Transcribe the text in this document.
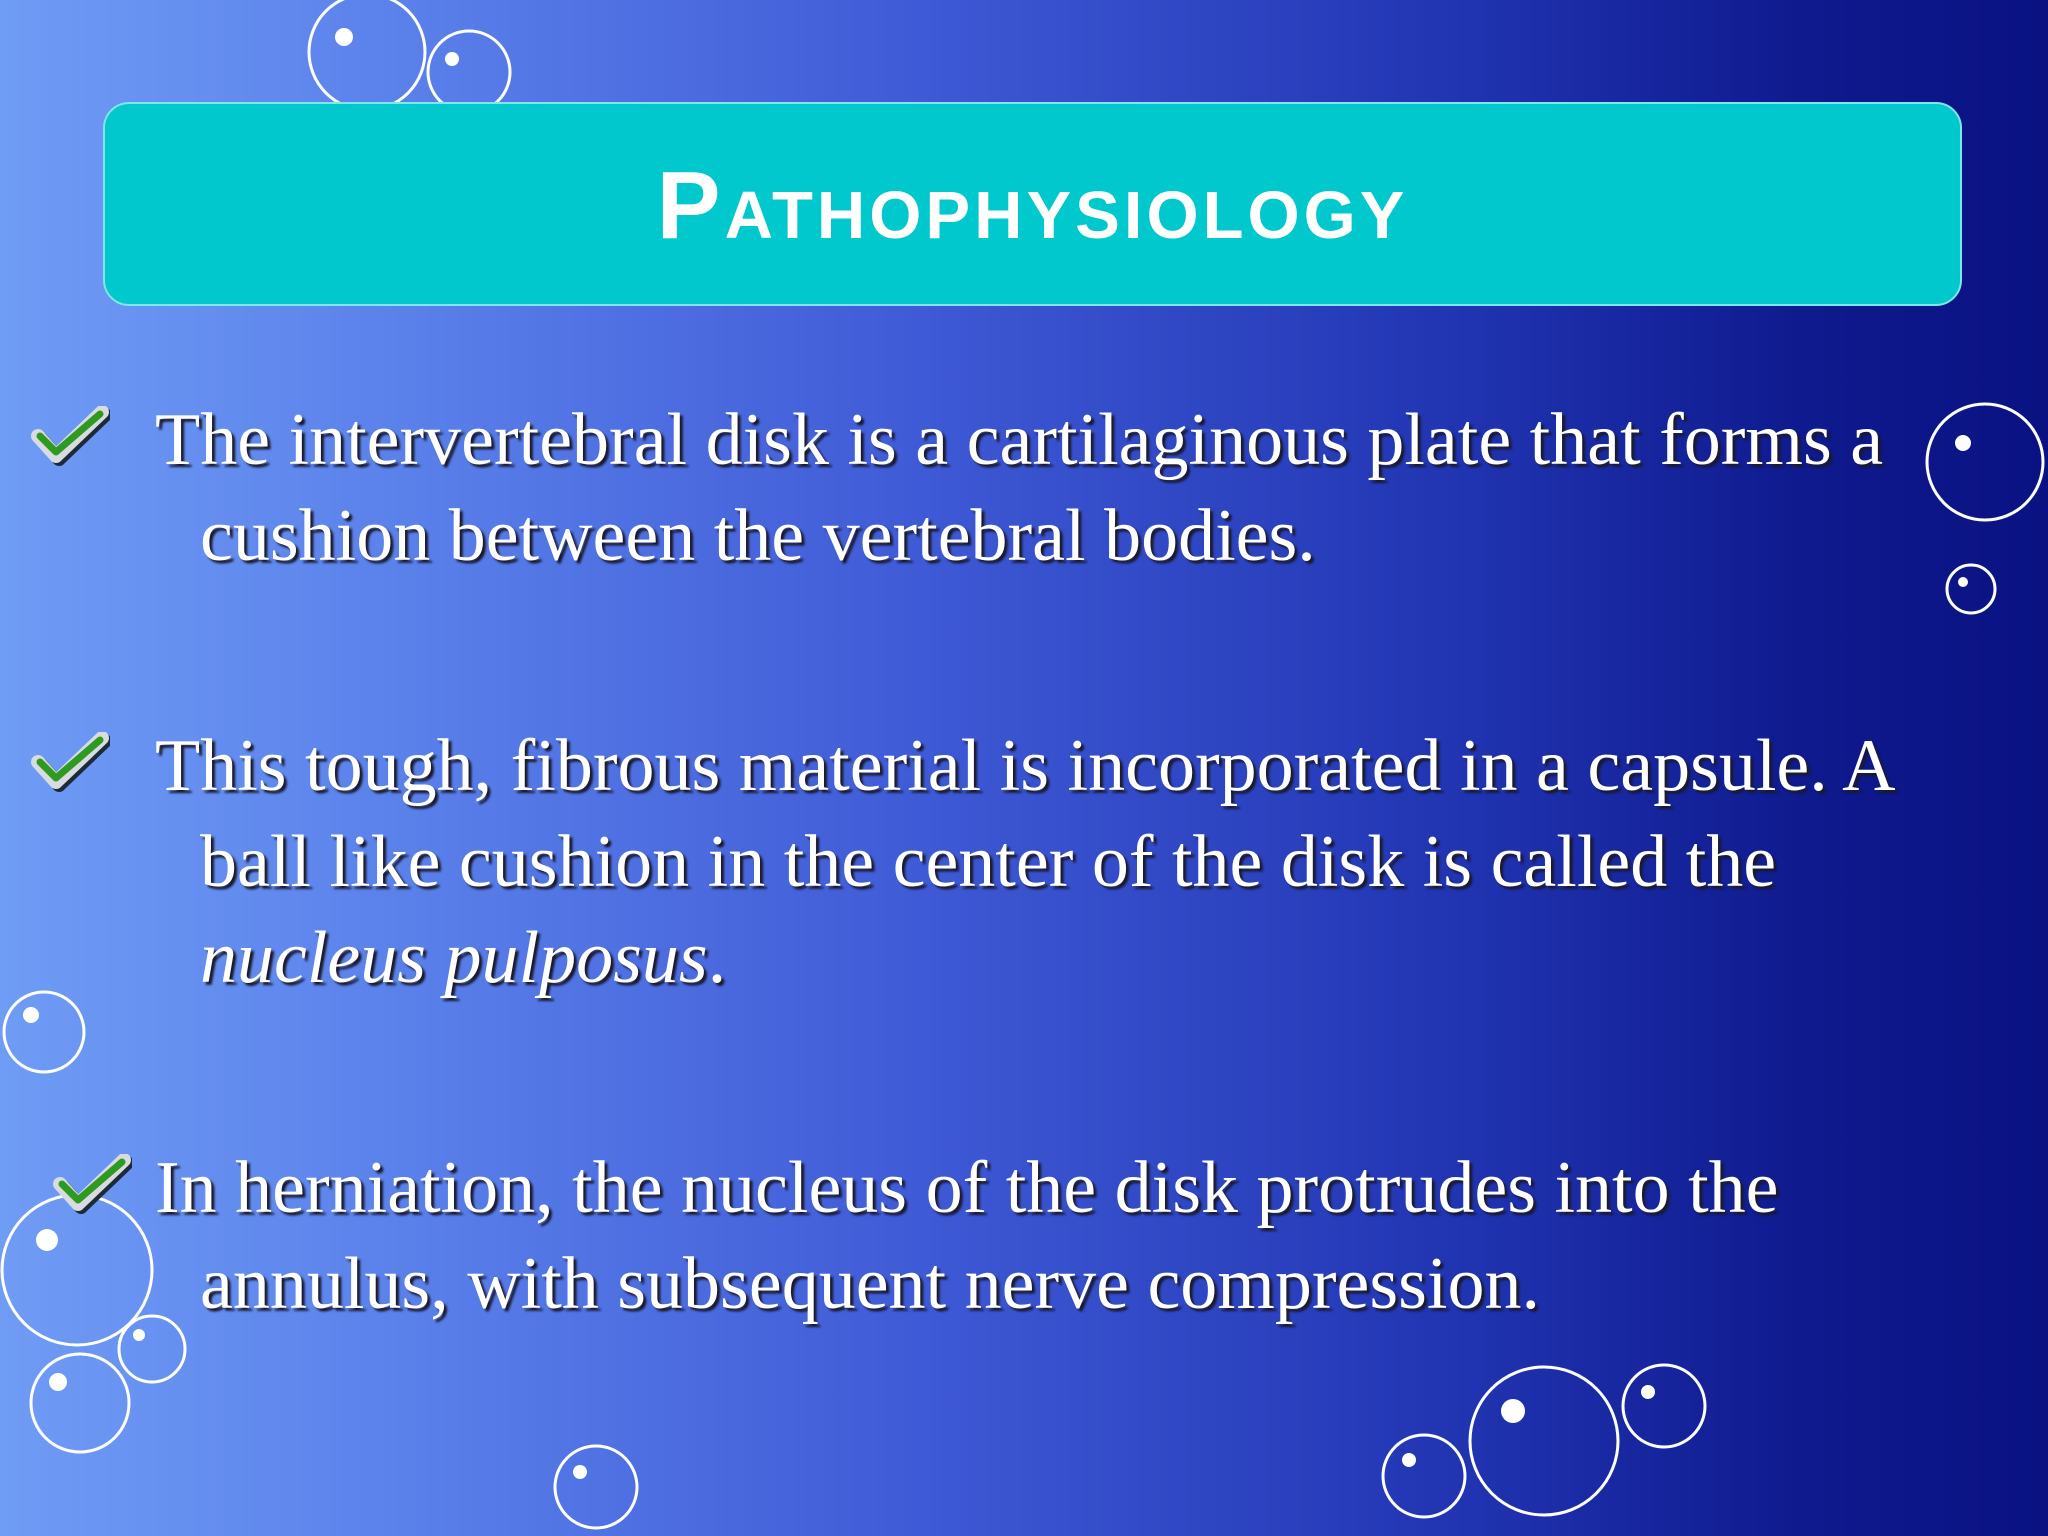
Pathophysiology
The intervertebral disk is a cartilaginous plate that forms a cushion between the vertebral bodies.
This tough, fibrous material is incorporated in a capsule. A ball like cushion in the center of the disk is called the nucleus pulposus.
In herniation, the nucleus of the disk protrudes into the annulus, with subsequent nerve compression.
